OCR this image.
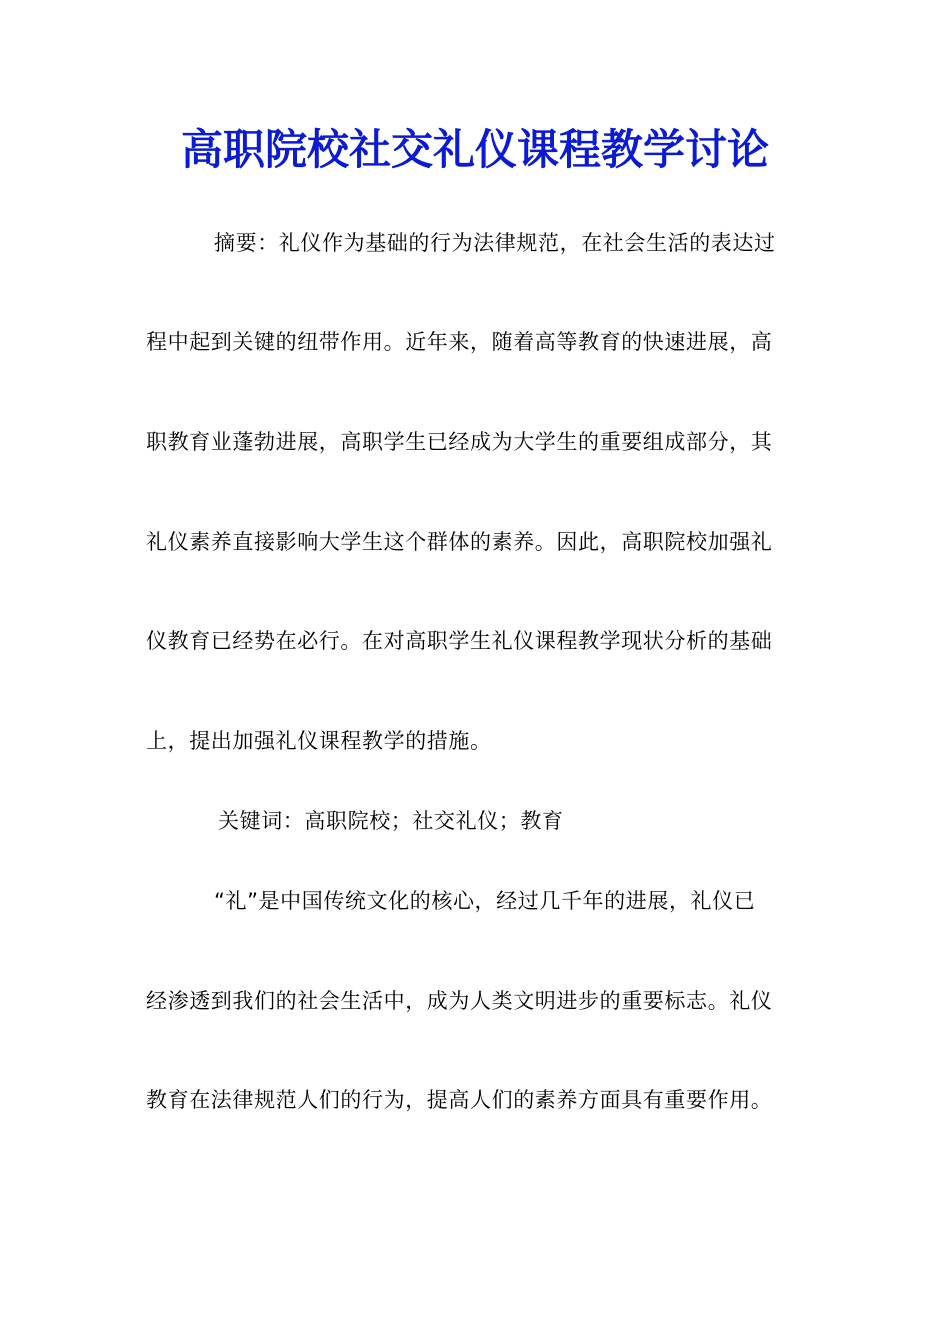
高职院校社交礼仪课程教学讨论
摘要：礼仪作为基础的行为法律规范，在社会生活的表达过
程中起到关键的纽带作用。近年来，随着高等教育的快速进展，高
职教育业蓬勃进展，高职学生已经成为大学生的重要组成部分，其
礼仪素养直接影响大学生这个群体的素养。因此，高职院校加强礼
仪教育已经势在必行。在对高职学生礼仪课程教学现状分析的基础
上，提出加强礼仪课程教学的措施。
关键词：高职院校；社交礼仪；教育
“礼”是中国传统文化的核心，经过几千年的进展，礼仪已
经渗透到我们的社会生活中，成为人类文明进步的重要标志。礼仪
教育在法律规范人们的行为，提高人们的素养方面具有重要作用。
